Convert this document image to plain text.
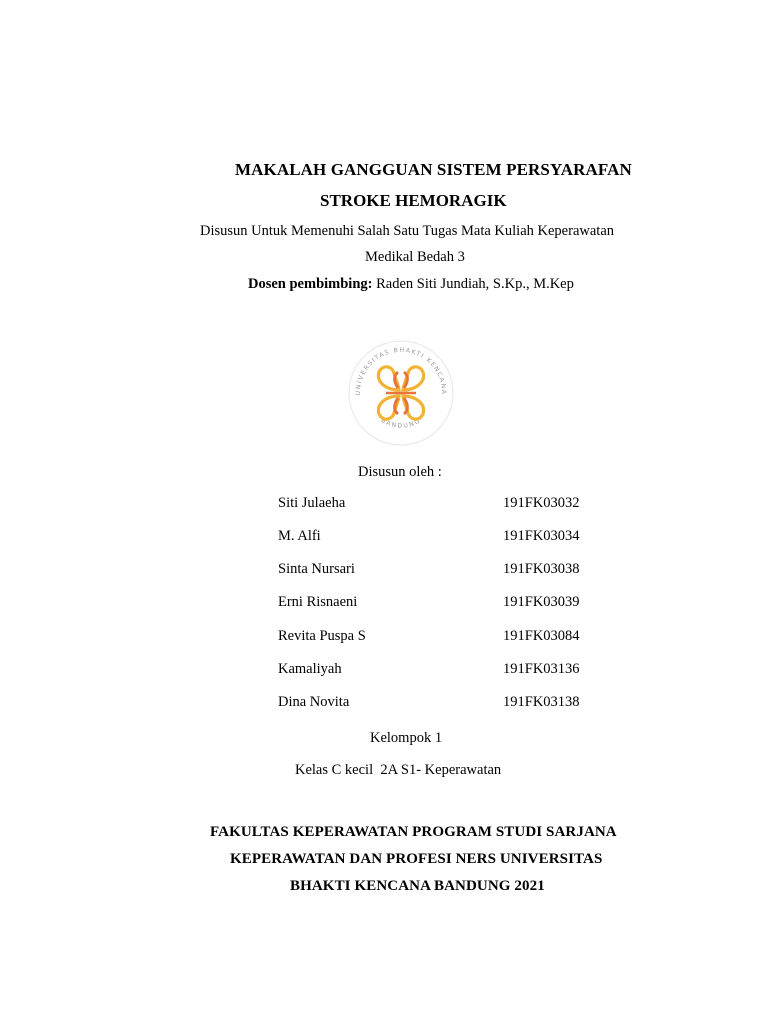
MAKALAH GANGGUAN SISTEM PERSYARAFAN
STROKE HEMORAGIK
Disusun Untuk Memenuhi Salah Satu Tugas Mata Kuliah Keperawatan
Medikal Bedah 3
Dosen pembimbing: Raden Siti Jundiah, S.Kp., M.Kep
UNIVERSITAS BHAKTI KENCANA
BANDUNG
Disusun oleh :
Siti Julaeha	191FK03032
M. Alfi	191FK03034
Sinta Nursari	191FK03038
Erni Risnaeni	191FK03039
Revita Puspa S	191FK03084
Kamaliyah	191FK03136
Dina Novita	191FK03138
Kelompok 1
Kelas C kecil  2A S1- Keperawatan
FAKULTAS KEPERAWATAN PROGRAM STUDI SARJANA
KEPERAWATAN DAN PROFESI NERS UNIVERSITAS
BHAKTI KENCANA BANDUNG 2021
